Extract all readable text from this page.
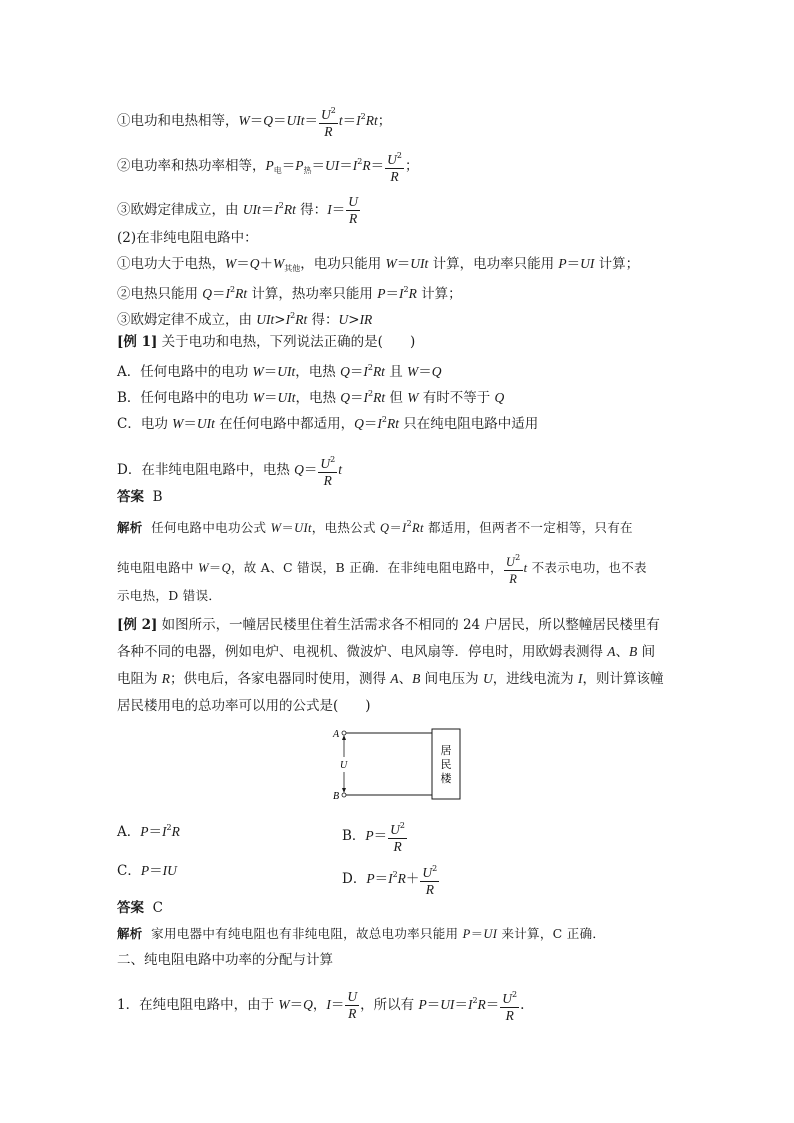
①电功和电热相等，$W=Q=UIt= \frac{U^2}{R} t=I^2Rt$；
②电功率和热功率相等，$P_电=P_热=UI=I^2R= \frac{U^2}{R}$ ；
③欧姆定律成立，由 $UIt=I^2Rt$ 得：$I= \frac{U}{R}$
(2)在非纯电阻电路中：
①电功大于电热，$W=Q+W_{其他}$，电功只能用 W＝UIt 计算，电功率只能用 P＝UI 计算；
②电热只能用 $Q=I^2Rt$ 计算，热功率只能用 $P=I^2R$ 计算；
③欧姆定律不成立，由 $UIt>I^2Rt$ 得：U>IR
[例 1] 关于电功和电热，下列说法正确的是(　　)
A．任何电路中的电功 W＝UIt，电热 $Q=I^2Rt$ 且 W＝Q
B．任何电路中的电功 W＝UIt，电热 $Q=I^2Rt$ 但 W 有时不等于 Q
C．电功 W＝UIt 在任何电路中都适用，$Q=I^2Rt$ 只在纯电阻电路中适用
D．在非纯电阻电路中，电热 $Q= \frac{U^2}{R}$ t
答案 B
解析 任何电路中电功公式 W＝UIt，电热公式 $Q=I^2Rt$ 都适用，但两者不一定相等，只有在
纯电阻电路中 W＝Q，故 A、C 错误，B 正确．在非纯电阻电路中， $\frac{U^2}{R}$ t 不表示电功，也不表
示电热，D 错误．
[例 2] 如图所示，一幢居民楼里住着生活需求各不相同的 24 户居民，所以整幢居民楼里有
各种不同的电器，例如电炉、电视机、微波炉、电风扇等．停电时，用欧姆表测得 A、B 间
电阻为 R；供电后，各家电器同时使用，测得 A、B 间电压为 U，进线电流为 I，则计算该幢
居民楼用电的总功率可以用的公式是(　　)
A
B
U
居
民
楼
A．$P=I^2R$	B．$P= \frac{U^2}{R}$
C．P＝IU
D．$P=I^2R+ \frac{U^2}{R}$
答案 C
解析 家用电器中有纯电阻也有非纯电阻，故总电功率只能用 P＝UI 来计算，C 正确．
二、纯电阻电路中功率的分配与计算
1．在纯电阻电路中，由于 W＝Q，$I= \frac{U}{R}$ ，所以有 $P=UI=I^2R= \frac{U^2}{R}$ .
